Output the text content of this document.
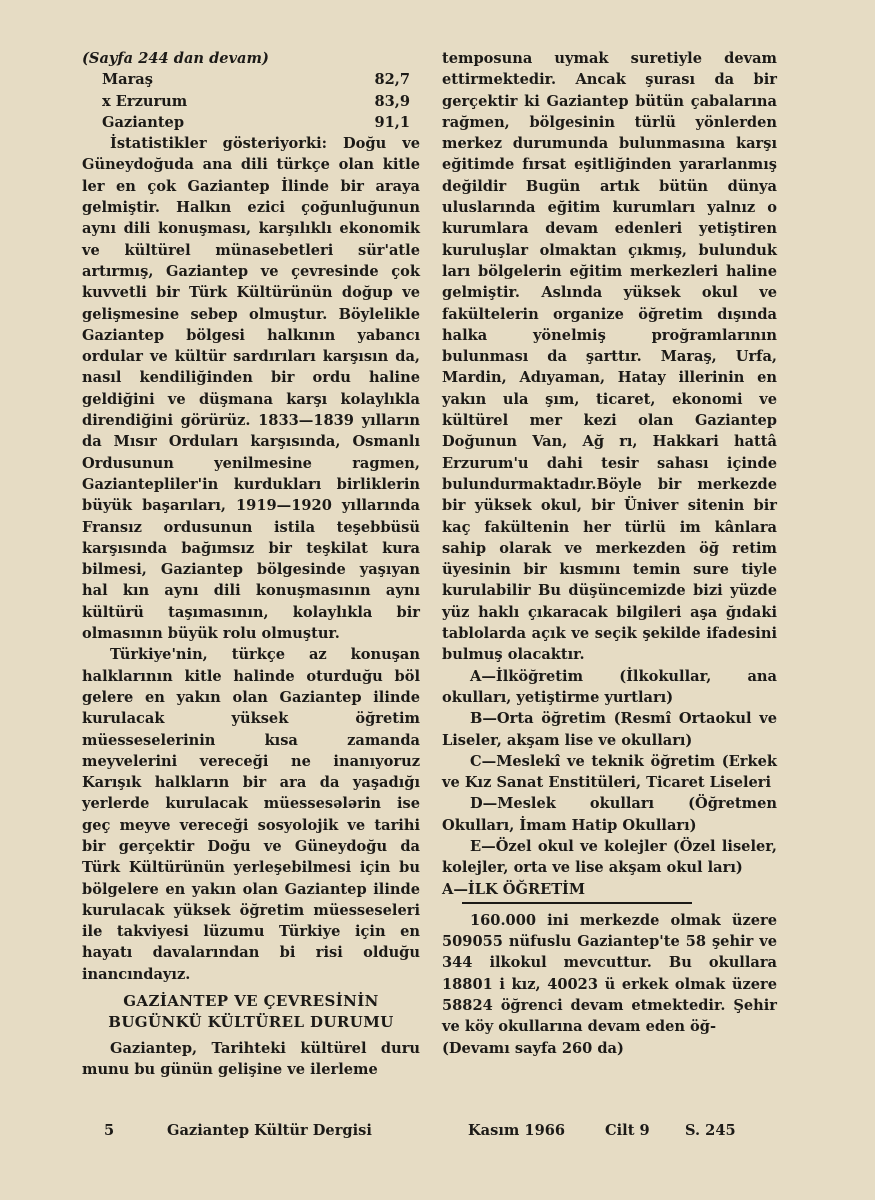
(Sayfa 244 dan devam)

Maraş	82,7
x Erzurum	83,9
Gaziantep	91,1

İstatistikler gösteriyorki: Doğu ve Güneydoğuda ana dili türkçe olan kitle ler en çok Gaziantep İlinde bir araya gelmiştir. Halkın ezici çoğunluğunun aynı dili konuşması, karşılıklı ekonomik ve kültürel münasebetleri sür'atle artırmış, Gaziantep ve çevresinde çok kuvvetli bir Türk Kültürünün doğup ve gelişmesine sebep olmuştur. Böylelikle Gaziantep bölgesi halkının yabancı ordular ve kültür sardırıları karşısın da, nasıl kendiliğinden bir ordu haline geldiğini ve düşmana karşı kolaylıkla direndiğini görürüz. 1833—1839 yılların da Mısır Orduları karşısında, Osmanlı Ordusunun yenilmesine ragmen, Gaziantepliler'in kurdukları birliklerin büyük başarıları, 1919—1920 yıllarında Fransız ordusunun istila teşebbüsü karşısında bağımsız bir teşkilat kura bilmesi, Gaziantep bölgesinde yaşıyan hal kın aynı dili konuşmasının aynı kültürü taşımasının, kolaylıkla bir olmasının büyük rolu olmuştur.

Türkiye'nin, türkçe az konuşan halklarının kitle halinde oturduğu böl gelere en yakın olan Gaziantep ilinde kurulacak yüksek öğretim müesseselerinin kısa zamanda meyvelerini vereceği ne inanıyoruz Karışık halkların bir ara da yaşadığı yerlerde kurulacak müessesələrin ise geç meyve vereceği sosyolojik ve tarihi bir gerçektir Doğu ve Güneydoğu da Türk Kültürünün yerleşebilmesi için bu bölgelere en yakın olan Gaziantep ilinde kurulacak yüksek öğretim müesseseleri ile takviyesi lüzumu Türkiye için en hayatı davalarından bi risi olduğu inancındayız.

GAZİANTEP VE ÇEVRESİNİN
BUGÜNKÜ KÜLTÜREL DURUMU

Gaziantep, Tarihteki kültürel duru munu bu günün gelişine ve ilerleme

temposuna uymak suretiyle devam ettirmektedir. Ancak şurası da bir gerçektir ki Gaziantep bütün çabalarına rağmen, bölgesinin türlü yönlerden merkez durumunda bulunmasına karşı eğitimde fırsat eşitliğinden yararlanmış değildir Bugün artık bütün dünya uluslarında eğitim kurumları yalnız o kurumlara devam edenleri yetiştiren kuruluşlar olmaktan çıkmış, bulunduk ları bölgelerin eğitim merkezleri haline gelmiştir. Aslında yüksek okul ve fakültelerin organize öğretim dışında halka yönelmiş prоğramlarının bulunması da şarttır. Maraş, Urfa, Mardin, Adıyaman, Hatay illerinin en yakın ula şım, ticaret, ekonomi ve kültürel mer kezi olan Gaziantep Doğunun Van, Ağ rı, Hakkari hattâ Erzurum'u dahi tesir sahası içinde bulundurmaktadır.Böyle bir merkezde bir yüksek okul, bir Üniver sitenin bir kaç fakültenin her türlü im kânlara sahip olarak ve merkezden öğ retim üyesinin bir kısmını temin sure tiyle kurulabilir Bu düşüncemizde bizi yüzde yüz haklı çıkaracak bilgileri aşa ğıdaki tablolarda açık ve seçik şekilde ifadesini bulmuş olacaktır.

A—İlköğretim (İlkokullar, ana okulları, yetiştirme yurtları)

B—Orta öğretim (Resmî Ortaokul ve Liseler, akşam lise ve okulları)

C—Meslekî ve teknik öğretim (Erkek ve Kız Sanat Enstitüleri, Ticaret Liseleri

D—Meslek okulları (Öğretmen Okulları, İmam Hatip Okulları)

E—Özel okul ve kolejler (Özel liseler, kolejler, orta ve lise akşam okul ları)

A—İLK ÖĞRETİM

160.000 ini merkezde olmak üzere 509055 nüfuslu Gaziantep'te 58 şehir ve 344 ilkokul mevcuttur. Bu okullara 18801 i kız, 40023 ü erkek olmak üzere 58824 öğrenci devam etmektedir. Şehir ve köy okullarına devam eden öğ-

(Devamı sayfa 260 da)

5	Gaziantep Kültür Dergisi	Kasım 1966	Cilt 9 S. 245
